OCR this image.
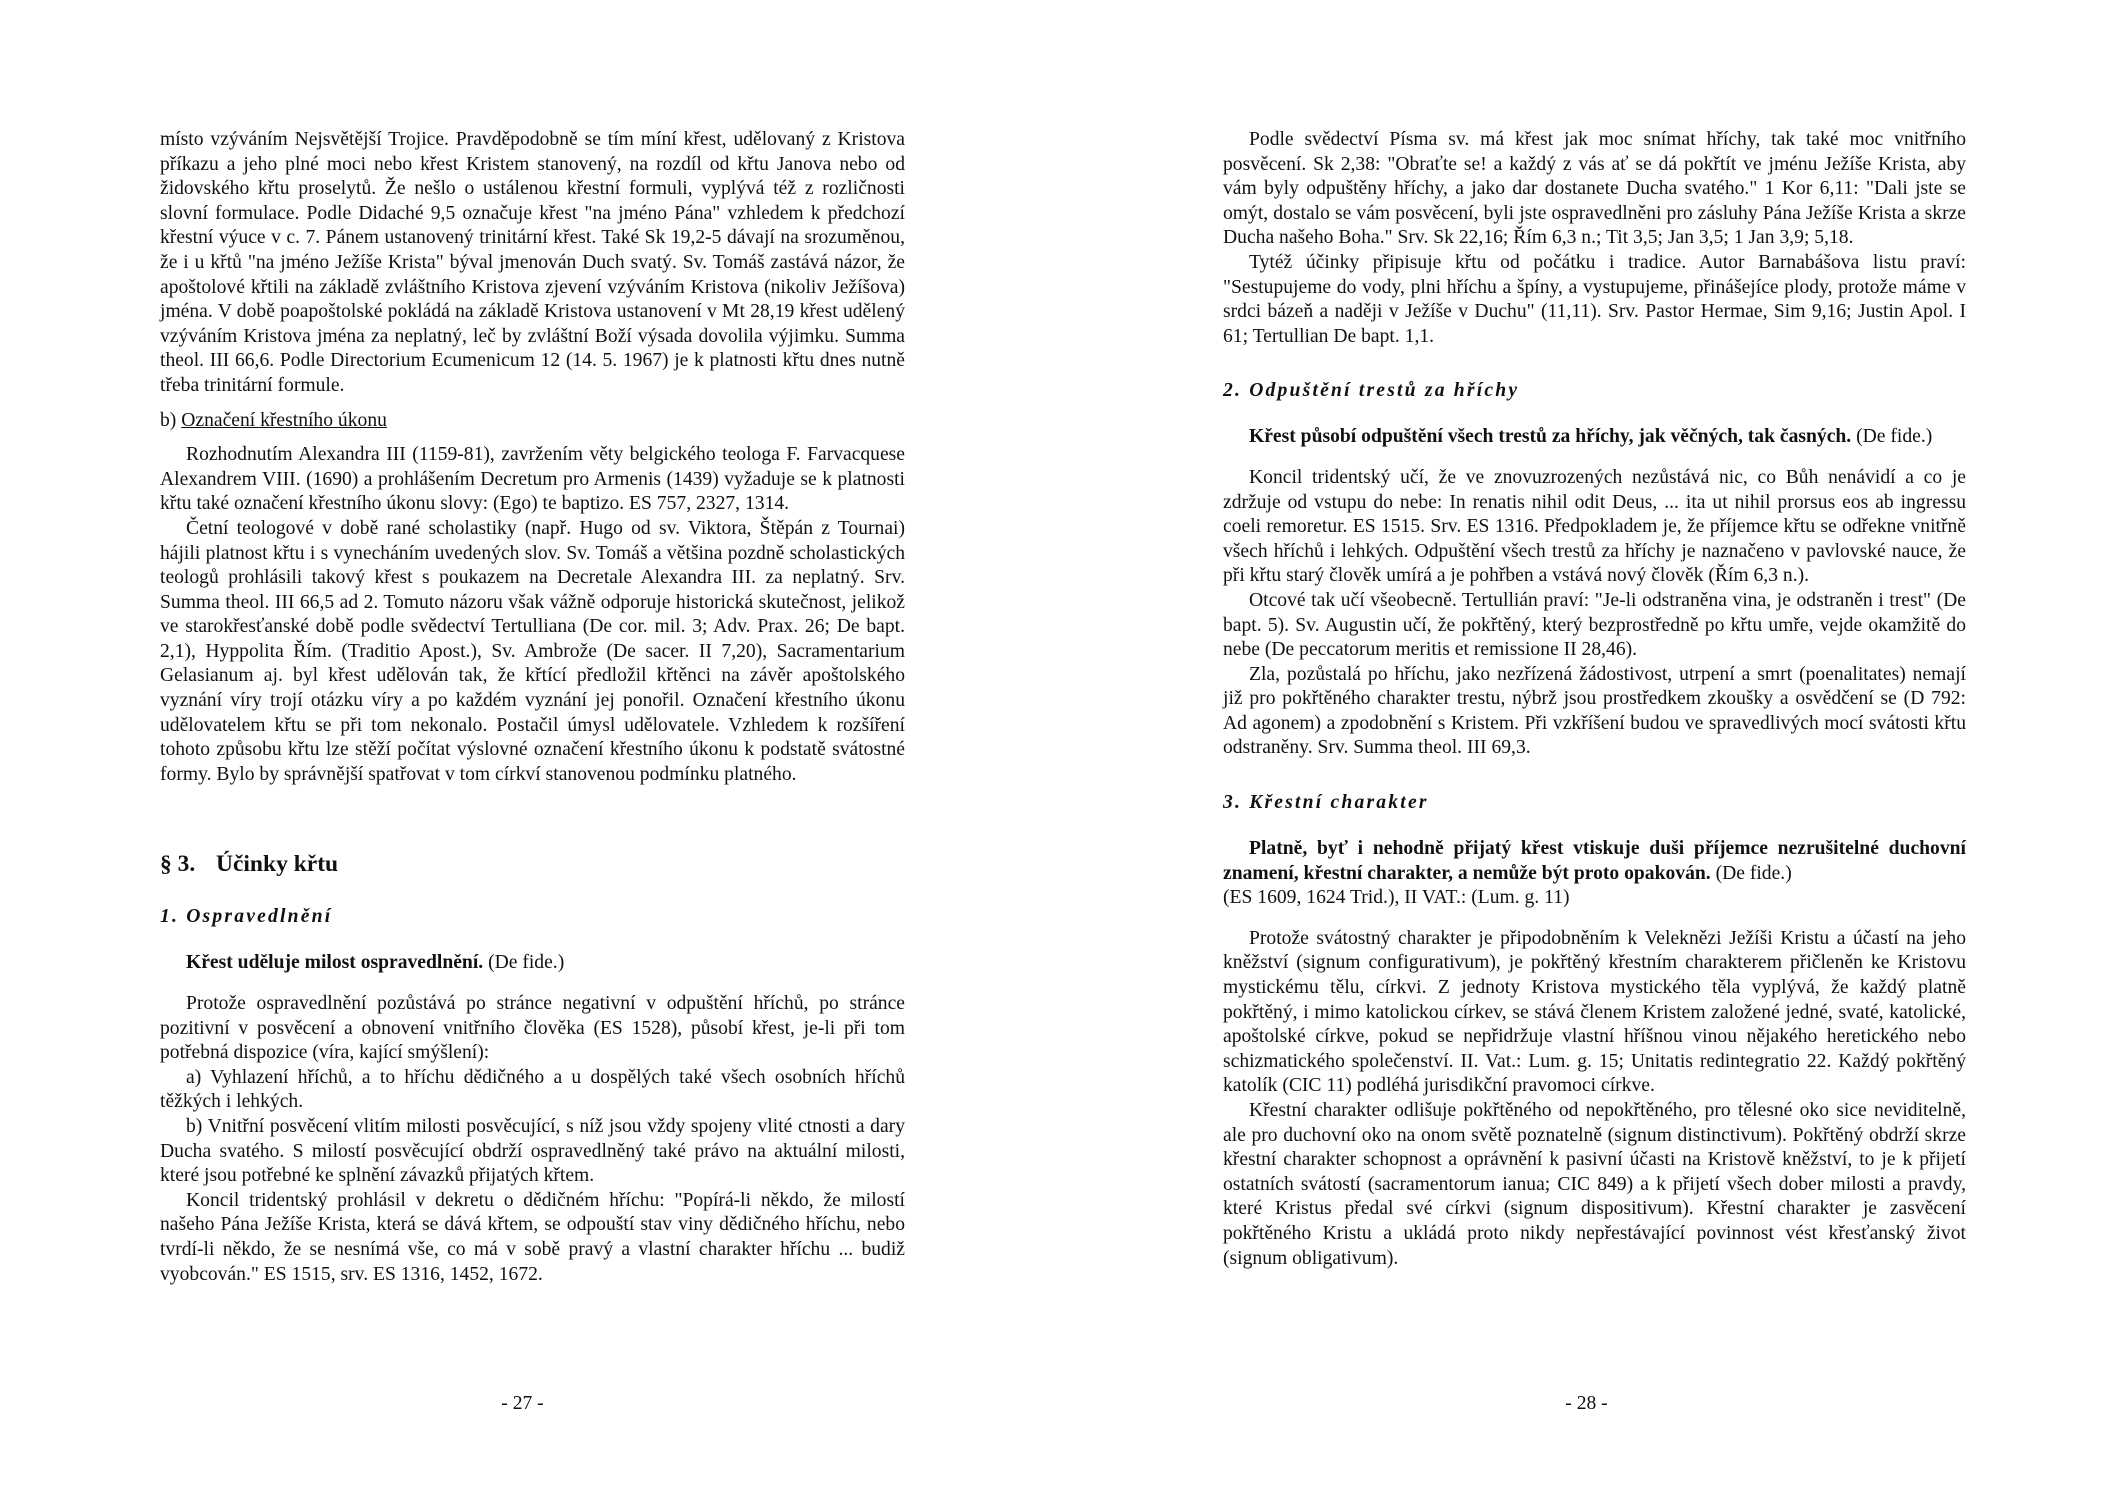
místo vzýváním Nejsvětější Trojice. Pravděpodobně se tím míní křest, udělovaný z Kristova příkazu a jeho plné moci nebo křest Kristem stanovený, na rozdíl od křtu Janova nebo od židovského křtu proselytů. Že nešlo o ustálenou křestní formuli, vyplývá též z rozličnosti slovní formulace. Podle Didaché 9,5 označuje křest "na jméno Pána" vzhledem k předchozí křestní výuce v c. 7. Pánem ustanovený trinitární křest. Také Sk 19,2-5 dávají na srozuměnou, že i u křtů "na jméno Ježíše Krista" býval jmenován Duch svatý. Sv. Tomáš zastává názor, že apoštolové křtili na základě zvláštního Kristova zjevení vzýváním Kristova (nikoliv Ježíšova) jména. V době poapoštolské pokládá na základě Kristova ustanovení v Mt 28,19 křest udělený vzýváním Kristova jména za neplatný, leč by zvláštní Boží výsada dovolila výjimku. Summa theol. III 66,6. Podle Directorium Ecumenicum 12 (14. 5. 1967) je k platnosti křtu dnes nutně třeba trinitární formule.

b) Označení křestního úkonu

Rozhodnutím Alexandra III (1159-81), zavržením věty belgického teologa F. Farvacquese Alexandrem VIII. (1690) a prohlášením Decretum pro Armenis (1439) vyžaduje se k platnosti křtu také označení křestního úkonu slovy: (Ego) te baptizo. ES 757, 2327, 1314.

Četní teologové v době rané scholastiky (např. Hugo od sv. Viktora, Štěpán z Tournai) hájili platnost křtu i s vynecháním uvedených slov. Sv. Tomáš a většina pozdně scholastických teologů prohlásili takový křest s poukazem na Decretale Alexandra III. za neplatný. Srv. Summa theol. III 66,5 ad 2. Tomuto názoru však vážně odporuje historická skutečnost, jelikož ve starokřesťanské době podle svědectví Tertulliana (De cor. mil. 3; Adv. Prax. 26; De bapt. 2,1), Hyppolita Řím. (Traditio Apost.), Sv. Ambrože (De sacer. II 7,20), Sacramentarium Gelasianum aj. byl křest udělován tak, že křtící předložil křtěnci na závěr apoštolského vyznání víry trojí otázku víry a po každém vyznání jej ponořil. Označení křestního úkonu udělovatelem křtu se při tom nekonalo. Postačil úmysl udělovatele. Vzhledem k rozšíření tohoto způsobu křtu lze stěží počítat výslovné označení křestního úkonu k podstatě svátostné formy. Bylo by správnější spatřovat v tom církví stanovenou podmínku platného.

§ 3. Účinky křtu
1. Ospravedlnění

Křest uděluje milost ospravedlnění. (De fide.)

Protože ospravedlnění pozůstává po stránce negativní v odpuštění hříchů, po stránce pozitivní v posvěcení a obnovení vnitřního člověka (ES 1528), působí křest, je-li při tom potřebná dispozice (víra, kající smýšlení):

a) Vyhlazení hříchů, a to hříchu dědičného a u dospělých také všech osobních hříchů těžkých i lehkých.

b) Vnitřní posvěcení vlitím milosti posvěcující, s níž jsou vždy spojeny vlité ctnosti a dary Ducha svatého. S milostí posvěcující obdrží ospravedlněný také právo na aktuální milosti, které jsou potřebné ke splnění závazků přijatých křtem.

Koncil tridentský prohlásil v dekretu o dědičném hříchu: "Popírá-li někdo, že milostí našeho Pána Ježíše Krista, která se dává křtem, se odpouští stav viny dědičného hříchu, nebo tvrdí-li někdo, že se nesnímá vše, co má v sobě pravý a vlastní charakter hříchu ... budiž vyobcován." ES 1515, srv. ES 1316, 1452, 1672.

- 27 -

Podle svědectví Písma sv. má křest jak moc snímat hříchy, tak také moc vnitřního posvěcení. Sk 2,38: "Obraťte se! a každý z vás ať se dá pokřtít ve jménu Ježíše Krista, aby vám byly odpuštěny hříchy, a jako dar dostanete Ducha svatého." 1 Kor 6,11: "Dali jste se omýt, dostalo se vám posvěcení, byli jste ospravedlněni pro zásluhy Pána Ježíše Krista a skrze Ducha našeho Boha." Srv. Sk 22,16; Řím 6,3 n.; Tit 3,5; Jan 3,5; 1 Jan 3,9; 5,18.

Tytéž účinky připisuje křtu od počátku i tradice. Autor Barnabášova listu praví: "Sestupujeme do vody, plni hříchu a špíny, a vystupujeme, přinášejíce plody, protože máme v srdci bázeň a naději v Ježíše v Duchu" (11,11). Srv. Pastor Hermae, Sim 9,16; Justin Apol. I 61; Tertullian De bapt. 1,1.

2. Odpuštění trestů za hříchy

Křest působí odpuštění všech trestů za hříchy, jak věčných, tak časných. (De fide.)

Koncil tridentský učí, že ve znovuzrozených nezůstává nic, co Bůh nenávidí a co je zdržuje od vstupu do nebe: In renatis nihil odit Deus, ... ita ut nihil prorsus eos ab ingressu coeli remoretur. ES 1515. Srv. ES 1316. Předpokladem je, že příjemce křtu se odřekne vnitřně všech hříchů i lehkých. Odpuštění všech trestů za hříchy je naznačeno v pavlovské nauce, že při křtu starý člověk umírá a je pohřben a vstává nový člověk (Řím 6,3 n.).

Otcové tak učí všeobecně. Tertullián praví: "Je-li odstraněna vina, je odstraněn i trest" (De bapt. 5). Sv. Augustin učí, že pokřtěný, který bezprostředně po křtu umře, vejde okamžitě do nebe (De peccatorum meritis et remissione II 28,46).

Zla, pozůstalá po hříchu, jako nezřízená žádostivost, utrpení a smrt (poenalitates) nemají již pro pokřtěného charakter trestu, nýbrž jsou prostředkem zkoušky a osvědčení se (D 792: Ad agonem) a zpodobnění s Kristem. Při vzkříšení budou ve spravedlivých mocí svátosti křtu odstraněny. Srv. Summa theol. III 69,3.

3. Křestní charakter

Platně, byť i nehodně přijatý křest vtiskuje duši příjemce nezrušitelné duchovní znamení, křestní charakter, a nemůže být proto opakován. (De fide.)

(ES 1609, 1624 Trid.), II VAT.: (Lum. g. 11)

Protože svátostný charakter je připodobněním k Veleknězi Ježíši Kristu a účastí na jeho kněžství (signum configurativum), je pokřtěný křestním charakterem přičleněn ke Kristovu mystickému tělu, církvi. Z jednoty Kristova mystického těla vyplývá, že každý platně pokřtěný, i mimo katolickou církev, se stává členem Kristem založené jedné, svaté, katolické, apoštolské církve, pokud se nepřidržuje vlastní hříšnou vinou nějakého heretického nebo schizmatického společenství. II. Vat.: Lum. g. 15; Unitatis redintegratio 22. Každý pokřtěný katolík (CIC 11) podléhá jurisdikční pravomoci církve.

Křestní charakter odlišuje pokřtěného od nepokřtěného, pro tělesné oko sice neviditelně, ale pro duchovní oko na onom světě poznatelně (signum distinctivum). Pokřtěný obdrží skrze křestní charakter schopnost a oprávnění k pasivní účasti na Kristově kněžství, to je k přijetí ostatních svátostí (sacramentorum ianua; CIC 849) a k přijetí všech dober milosti a pravdy, které Kristus předal své církvi (signum dispositivum). Křestní charakter je zasvěcení pokřtěného Kristu a ukládá proto nikdy nepřestávající povinnost vést křesťanský život (signum obligativum).

- 28 -
